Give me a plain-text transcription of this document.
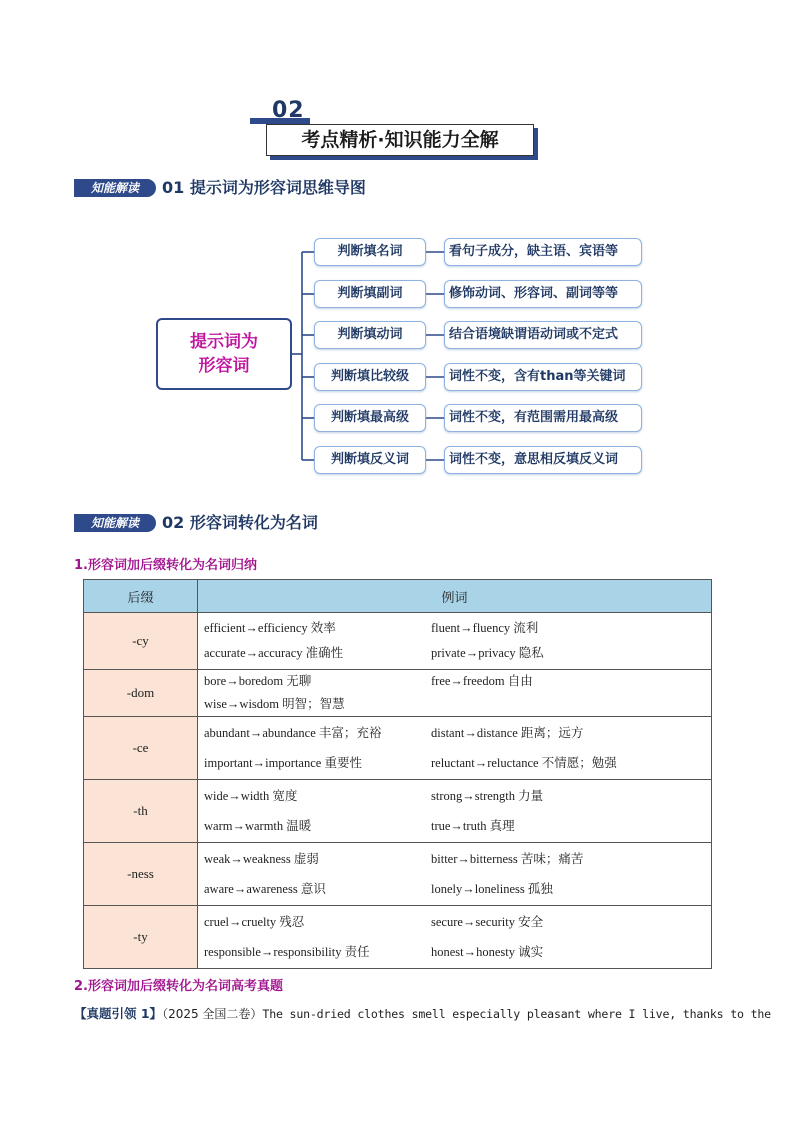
02
考点精析·知识能力全解
知能解读	01 提示词为形容词思维导图
提示词为
形容词
判断填名词	看句子成分，缺主语、宾语等
判断填副词	修饰动词、形容词、副词等等
判断填动词	结合语境缺谓语动词或不定式
判断填比较级	词性不变，含有than等关键词
判断填最高级	词性不变，有范围需用最高级
判断填反义词	词性不变，意思相反填反义词
知能解读	02 形容词转化为名词
1.形容词加后缀转化为名词归纳
后缀	例词
-cy	efficient→efficiency 效率 fluent→fluency 流利
accurate→accuracy 准确性 private→privacy 隐私

-dom	bore→boredom 无聊 free→freedom 自由
wise→wisdom 明智；智慧

-ce	abundant→abundance 丰富；充裕 distant→distance 距离；远方
important→importance 重要性 reluctant→reluctance 不情愿；勉强

-th	wide→width 宽度 strong→strength 力量
warm→warmth 温暖 true→truth 真理

-ness	weak→weakness 虚弱 bitter→bitterness 苦味；痛苦
aware→awareness 意识 lonely→loneliness 孤独

-ty	cruel→cruelty 残忍 secure→security 安全
responsible→responsibility 责任 honest→honesty 诚实
2.形容词加后缀转化为名词高考真题
【真题引领 1】（2025 全国二卷）The sun-dried clothes smell especially pleasant where I live, thanks to the
